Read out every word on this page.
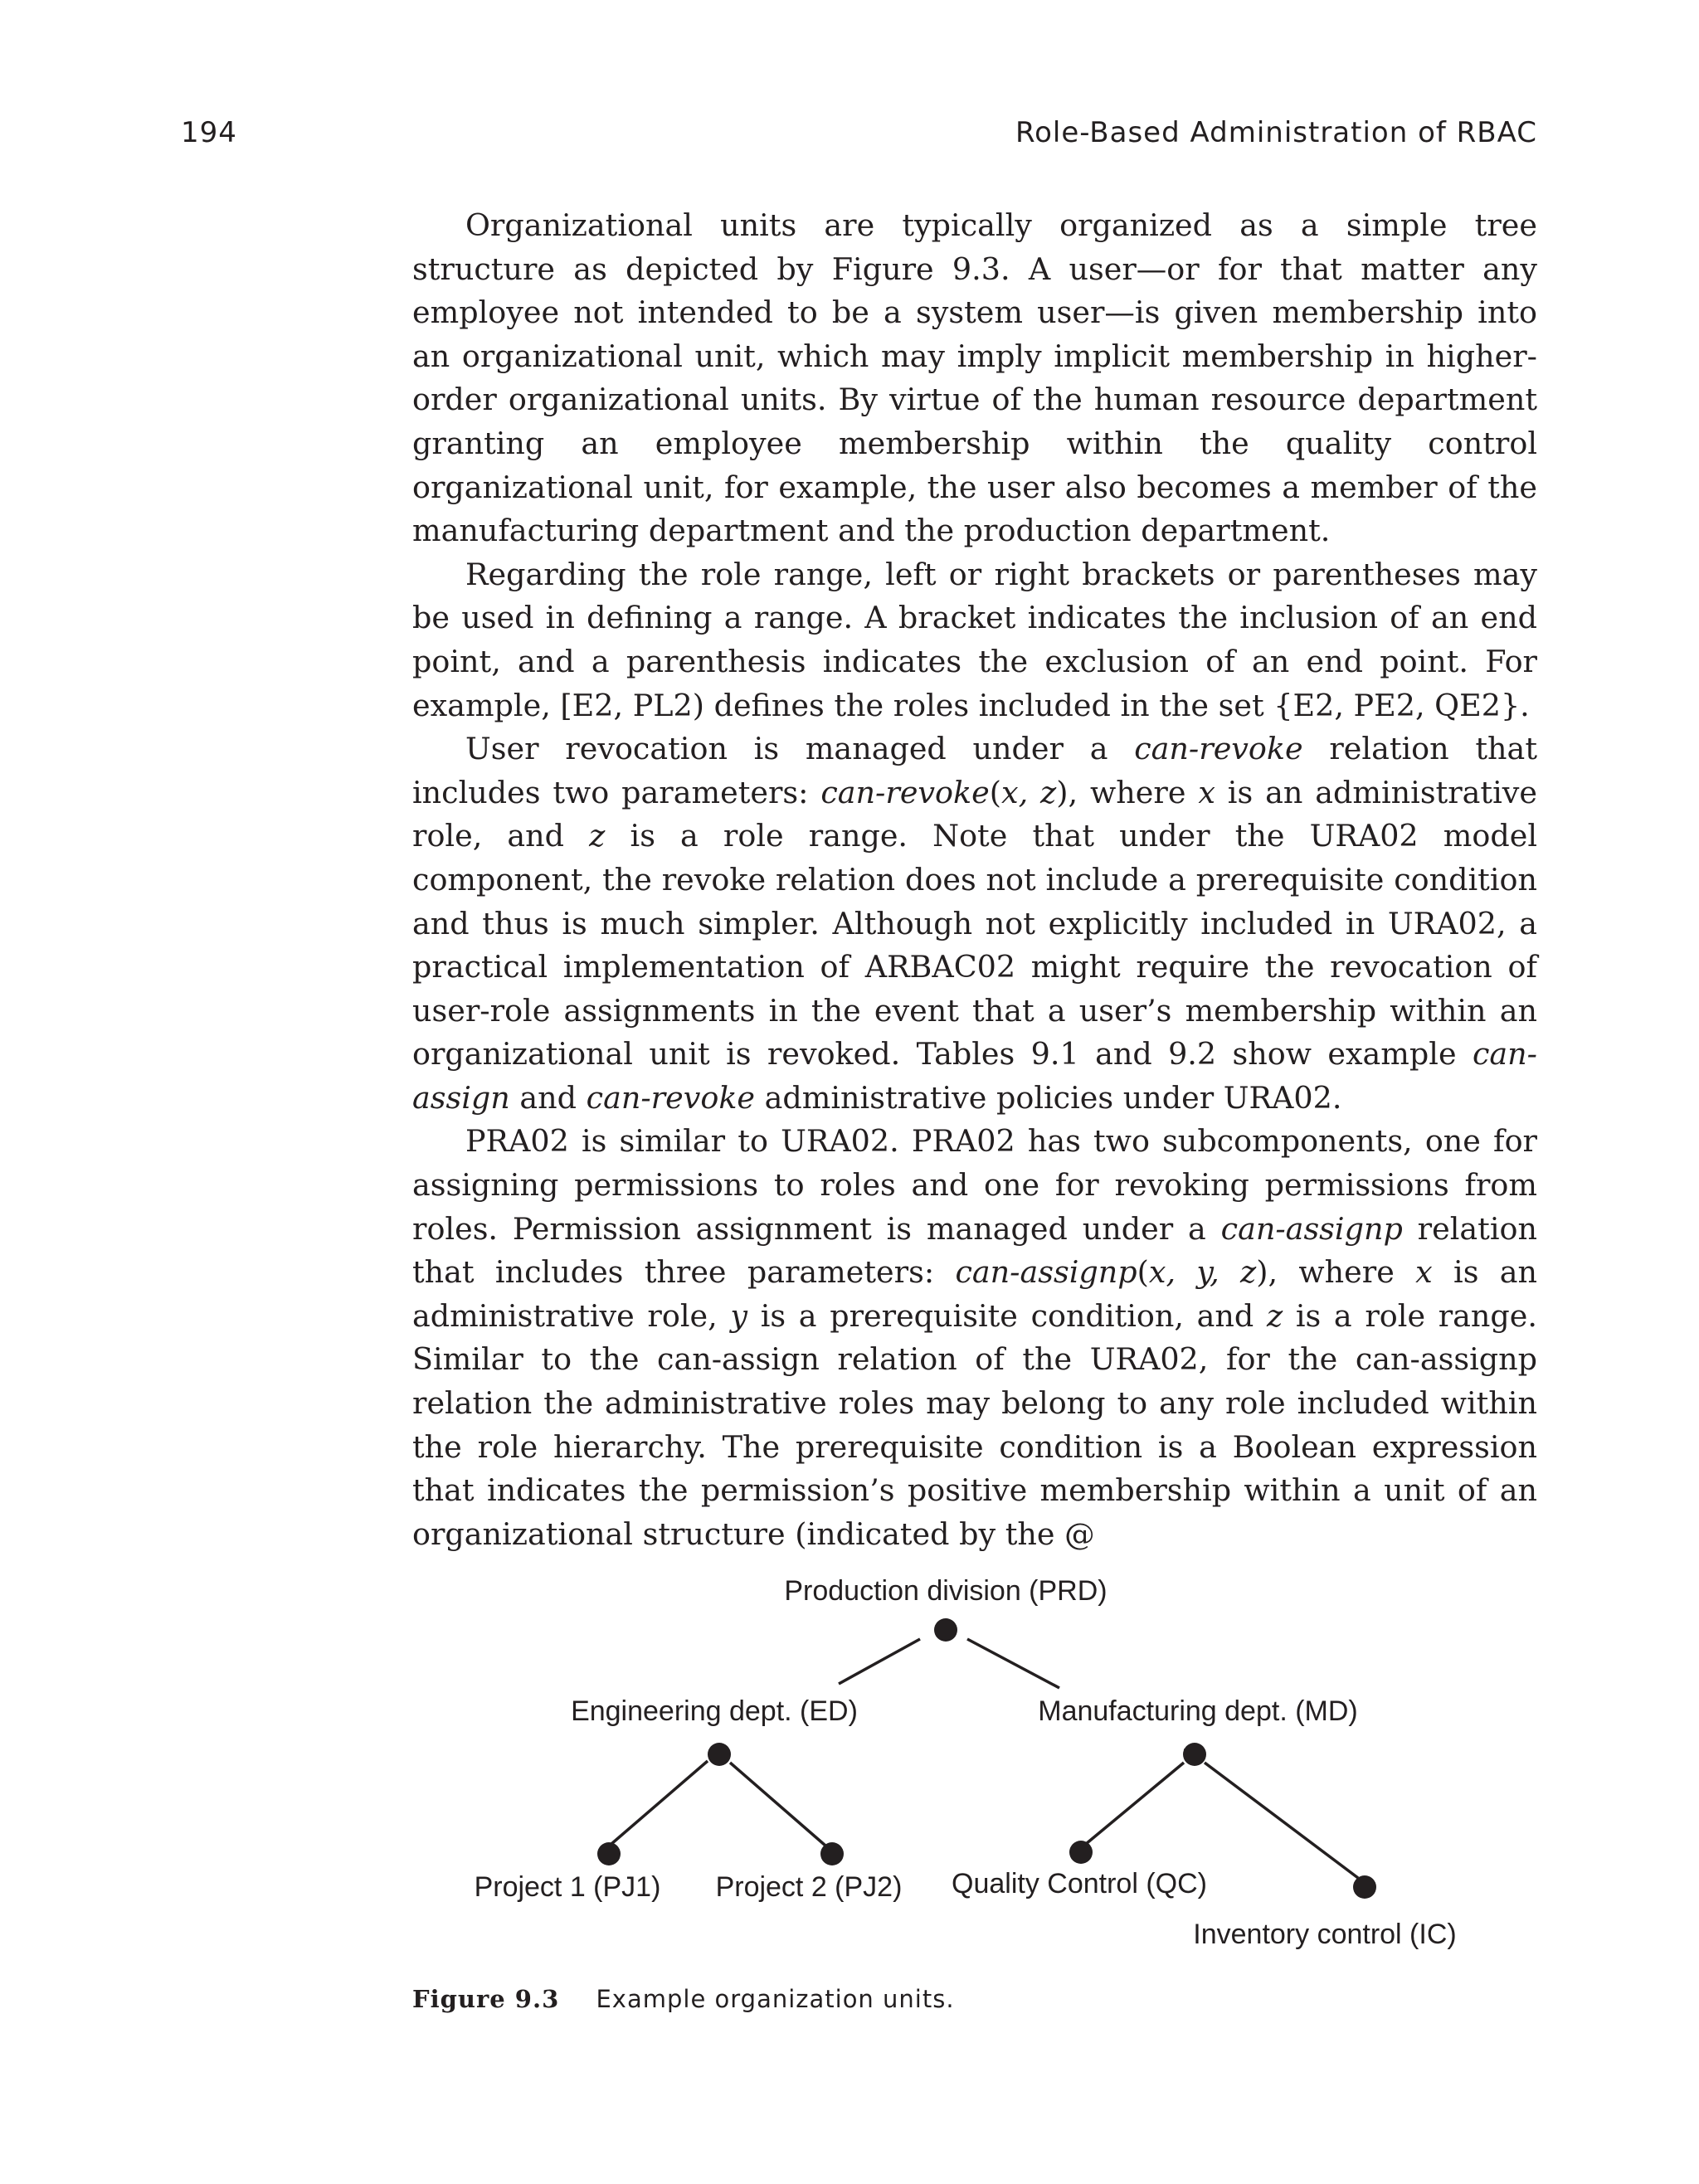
194	Role-Based Administration of RBAC

Organizational units are typically organized as a simple tree structure as depicted by Figure 9.3. A user—or for that matter any employee not intended to be a system user—is given membership into an organizational unit, which may imply implicit membership in higher-order organizational units. By virtue of the human resource department granting an employee membership within the quality control organizational unit, for example, the user also becomes a member of the manufacturing department and the production department.

Regarding the role range, left or right brackets or parentheses may be used in defining a range. A bracket indicates the inclusion of an end point, and a parenthesis indicates the exclusion of an end point. For example, [E2, PL2) defines the roles included in the set {E2, PE2, QE2}.

User revocation is managed under a can-revoke relation that includes two parameters: can-revoke(x, z), where x is an administrative role, and z is a role range. Note that under the URA02 model component, the revoke relation does not include a prerequisite condition and thus is much simpler. Although not explicitly included in URA02, a practical implementation of ARBAC02 might require the revocation of user-role assignments in the event that a user’s membership within an organizational unit is revoked. Tables 9.1 and 9.2 show example can-assign and can-revoke administrative policies under URA02.

PRA02 is similar to URA02. PRA02 has two subcomponents, one for assigning permissions to roles and one for revoking permissions from roles. Permission assignment is managed under a can-assignp relation that includes three parameters: can-assignp(x, y, z), where x is an administrative role, y is a prerequisite condition, and z is a role range. Similar to the can-assign relation of the URA02, for the can-assignp relation the administrative roles may belong to any role included within the role hierarchy. The prerequisite condition is a Boolean expression that indicates the permission’s positive membership within a unit of an organizational structure (indicated by the @

Production division (PRD)
Engineering dept. (ED)	Manufacturing dept. (MD)
Project 1 (PJ1) Project 2 (PJ2) Quality Control (QC)
Inventory control (IC)
Figure 9.3 Example organization units.
